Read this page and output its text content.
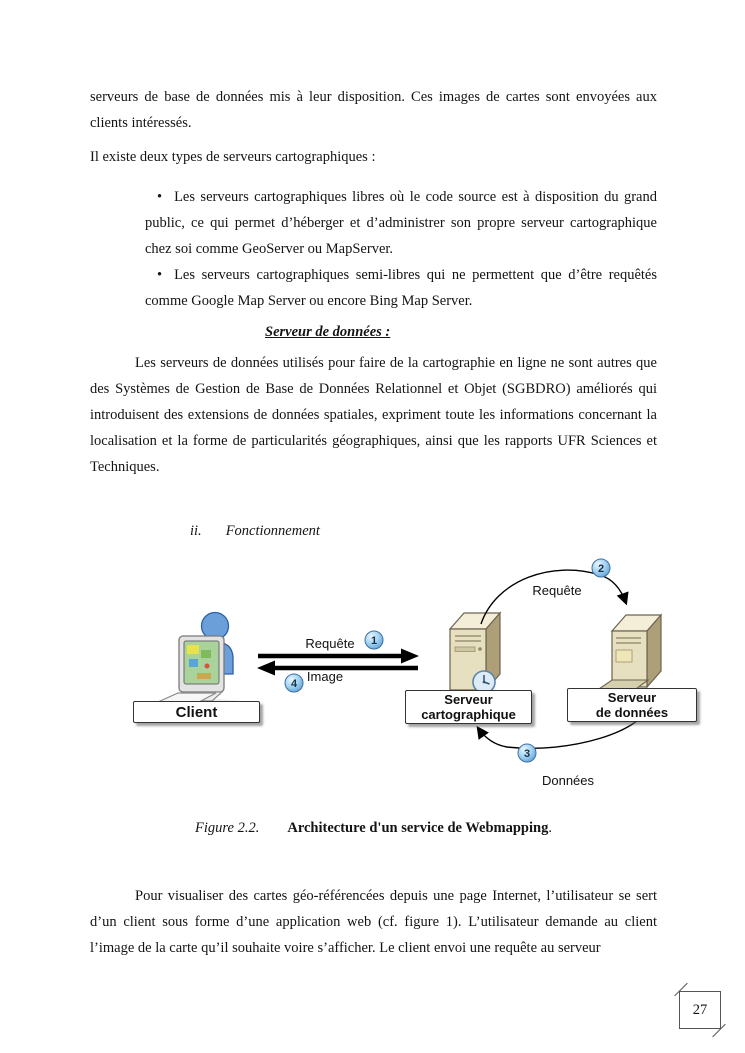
serveurs de base de données mis à leur disposition. Ces images de cartes sont envoyées aux clients intéressés.

Il existe deux types de serveurs cartographiques :

• Les serveurs cartographiques libres où le code source est à disposition du grand public, ce qui permet d’héberger et d’administrer son propre serveur cartographique chez soi comme GeoServer ou MapServer.
• Les serveurs cartographiques semi-libres qui ne permettent que d’être requêtés comme Google Map Server ou encore Bing Map Server.
Serveur de données :

Les serveurs de données utilisés pour faire de la cartographie en ligne ne sont autres que des Systèmes de Gestion de Base de Données Relationnel et Objet (SGBDRO) améliorés qui introduisent des extensions de données spatiales, expriment toute les informations concernant la localisation et la forme de particularités géographiques, ainsi que les rapports UFR Sciences et Techniques.

ii. Fonctionnement
Requête
Image
Requête
Données
1
2
3
4
Client
Serveur
cartographique
Serveur
de données
Figure 2.2. Architecture d'un service de Webmapping.

Pour visualiser des cartes géo-référencées depuis une page Internet, l’utilisateur se sert d’un client sous forme d’une application web (cf. figure 1). L’utilisateur demande au client l’image de la carte qu’il souhaite voire s’afficher. Le client envoi une requête au serveur

27
